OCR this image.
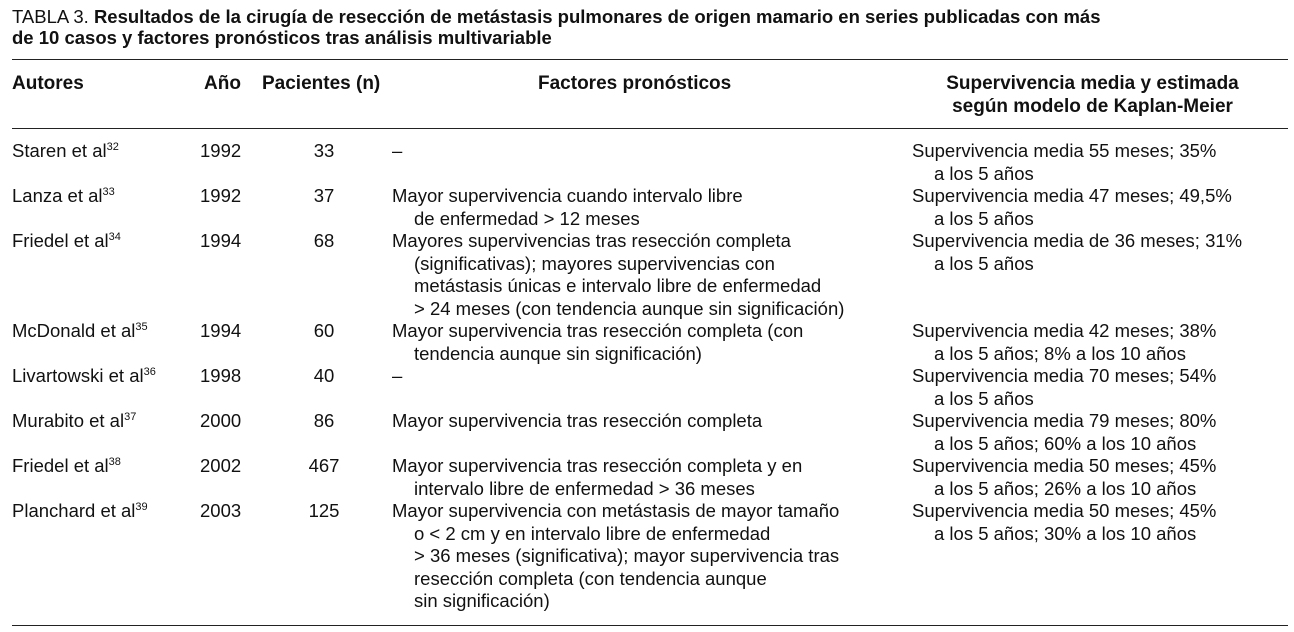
TABLA 3. Resultados de la cirugía de resección de metástasis pulmonares de origen mamario en series publicadas con más
de 10 casos y factores pronósticos tras análisis multivariable
Autores	Año Pacientes (n)	Factores pronósticos	Supervivencia media y estimada
según modelo de Kaplan-Meier
Staren et $al^{32}$	1992	33	–	Supervivencia media 55 meses; 35%
a los 5 años
Lanza et $al^{33}$	1992	37	Mayor supervivencia cuando intervalo libre
de enfermedad > 12 meses
Supervivencia media 47 meses; 49,5%
a los 5 años
Friedel et $al^{34}$	1994	68	Mayores supervivencias tras resección completa
(significativas); mayores supervivencias con
metástasis únicas e intervalo libre de enfermedad
> 24 meses (con tendencia aunque sin significación)
Supervivencia media de 36 meses; 31%
a los 5 años
McDonald et $al^{35}$	1994	60	Mayor supervivencia tras resección completa (con
tendencia aunque sin significación)
Supervivencia media 42 meses; 38%
a los 5 años; 8% a los 10 años
Livartowski et $al^{36}$ 1998	40	–	Supervivencia media 70 meses; 54%
a los 5 años
Murabito et $al^{37}$	2000	86	Mayor supervivencia tras resección completa	Supervivencia media 79 meses; 80%
a los 5 años; 60% a los 10 años
Friedel et $al^{38}$	2002	467	Mayor supervivencia tras resección completa y en
intervalo libre de enfermedad > 36 meses
Supervivencia media 50 meses; 45%
a los 5 años; 26% a los 10 años
Planchard et $al^{39}$	2003	125	Mayor supervivencia con metástasis de mayor tamaño
o < 2 cm y en intervalo libre de enfermedad
> 36 meses (significativa); mayor supervivencia tras
resección completa (con tendencia aunque
sin significación)
Supervivencia media 50 meses; 45%
a los 5 años; 30% a los 10 años
